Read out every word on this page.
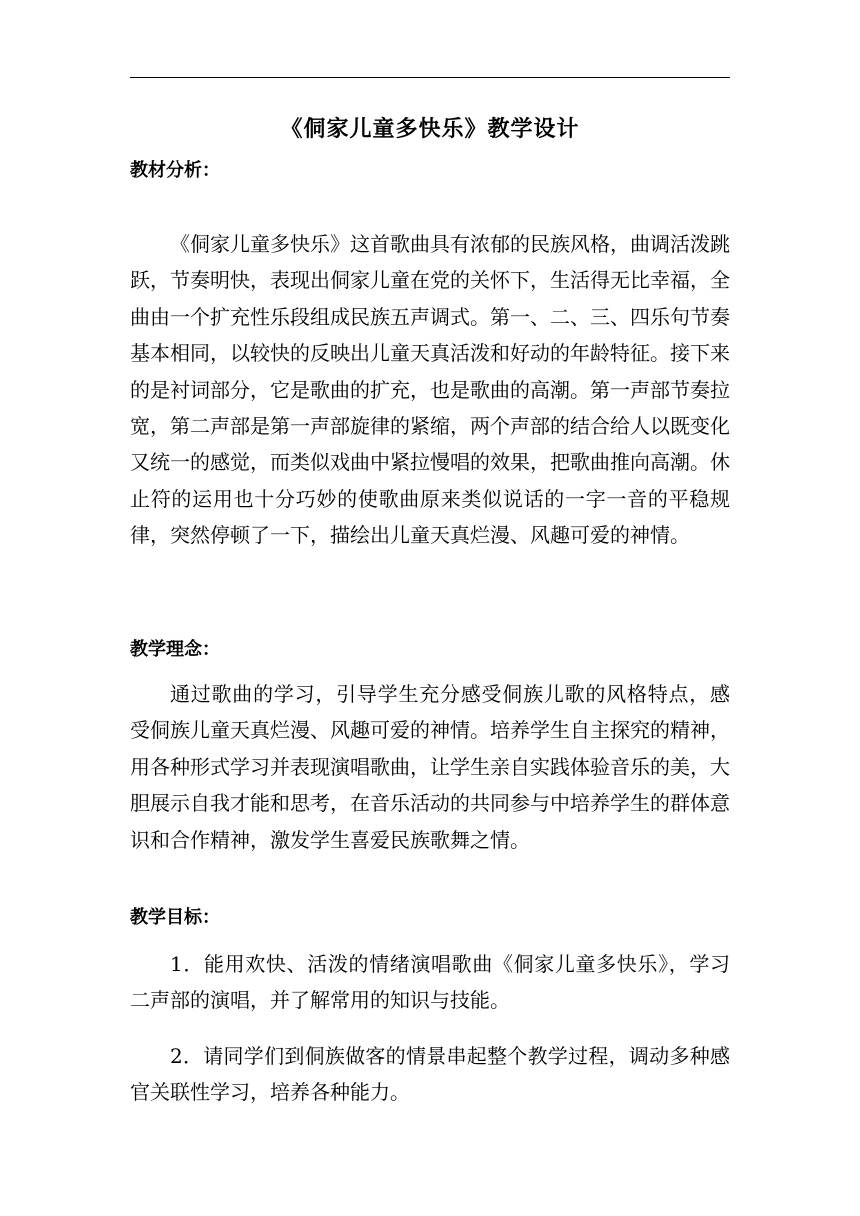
《侗家儿童多快乐》教学设计
教材分析：
《侗家儿童多快乐》这首歌曲具有浓郁的民族风格，曲调活泼跳
跃，节奏明快，表现出侗家儿童在党的关怀下，生活得无比幸福，全
曲由一个扩充性乐段组成民族五声调式。第一、二、三、四乐句节奏
基本相同，以较快的反映出儿童天真活泼和好动的年龄特征。接下来
的是衬词部分，它是歌曲的扩充，也是歌曲的高潮。第一声部节奏拉
宽，第二声部是第一声部旋律的紧缩，两个声部的结合给人以既变化
又统一的感觉，而类似戏曲中紧拉慢唱的效果，把歌曲推向高潮。休
止符的运用也十分巧妙的使歌曲原来类似说话的一字一音的平稳规
律，突然停顿了一下，描绘出儿童天真烂漫、风趣可爱的神情。
教学理念：
通过歌曲的学习，引导学生充分感受侗族儿歌的风格特点，感
受侗族儿童天真烂漫、风趣可爱的神情。培养学生自主探究的精神，
用各种形式学习并表现演唱歌曲，让学生亲自实践体验音乐的美，大
胆展示自我才能和思考，在音乐活动的共同参与中培养学生的群体意
识和合作精神，激发学生喜爱民族歌舞之情。
教学目标：
1．能用欢快、活泼的情绪演唱歌曲《侗家儿童多快乐》，学习
二声部的演唱，并了解常用的知识与技能。
2．请同学们到侗族做客的情景串起整个教学过程，调动多种感
官关联性学习，培养各种能力。
